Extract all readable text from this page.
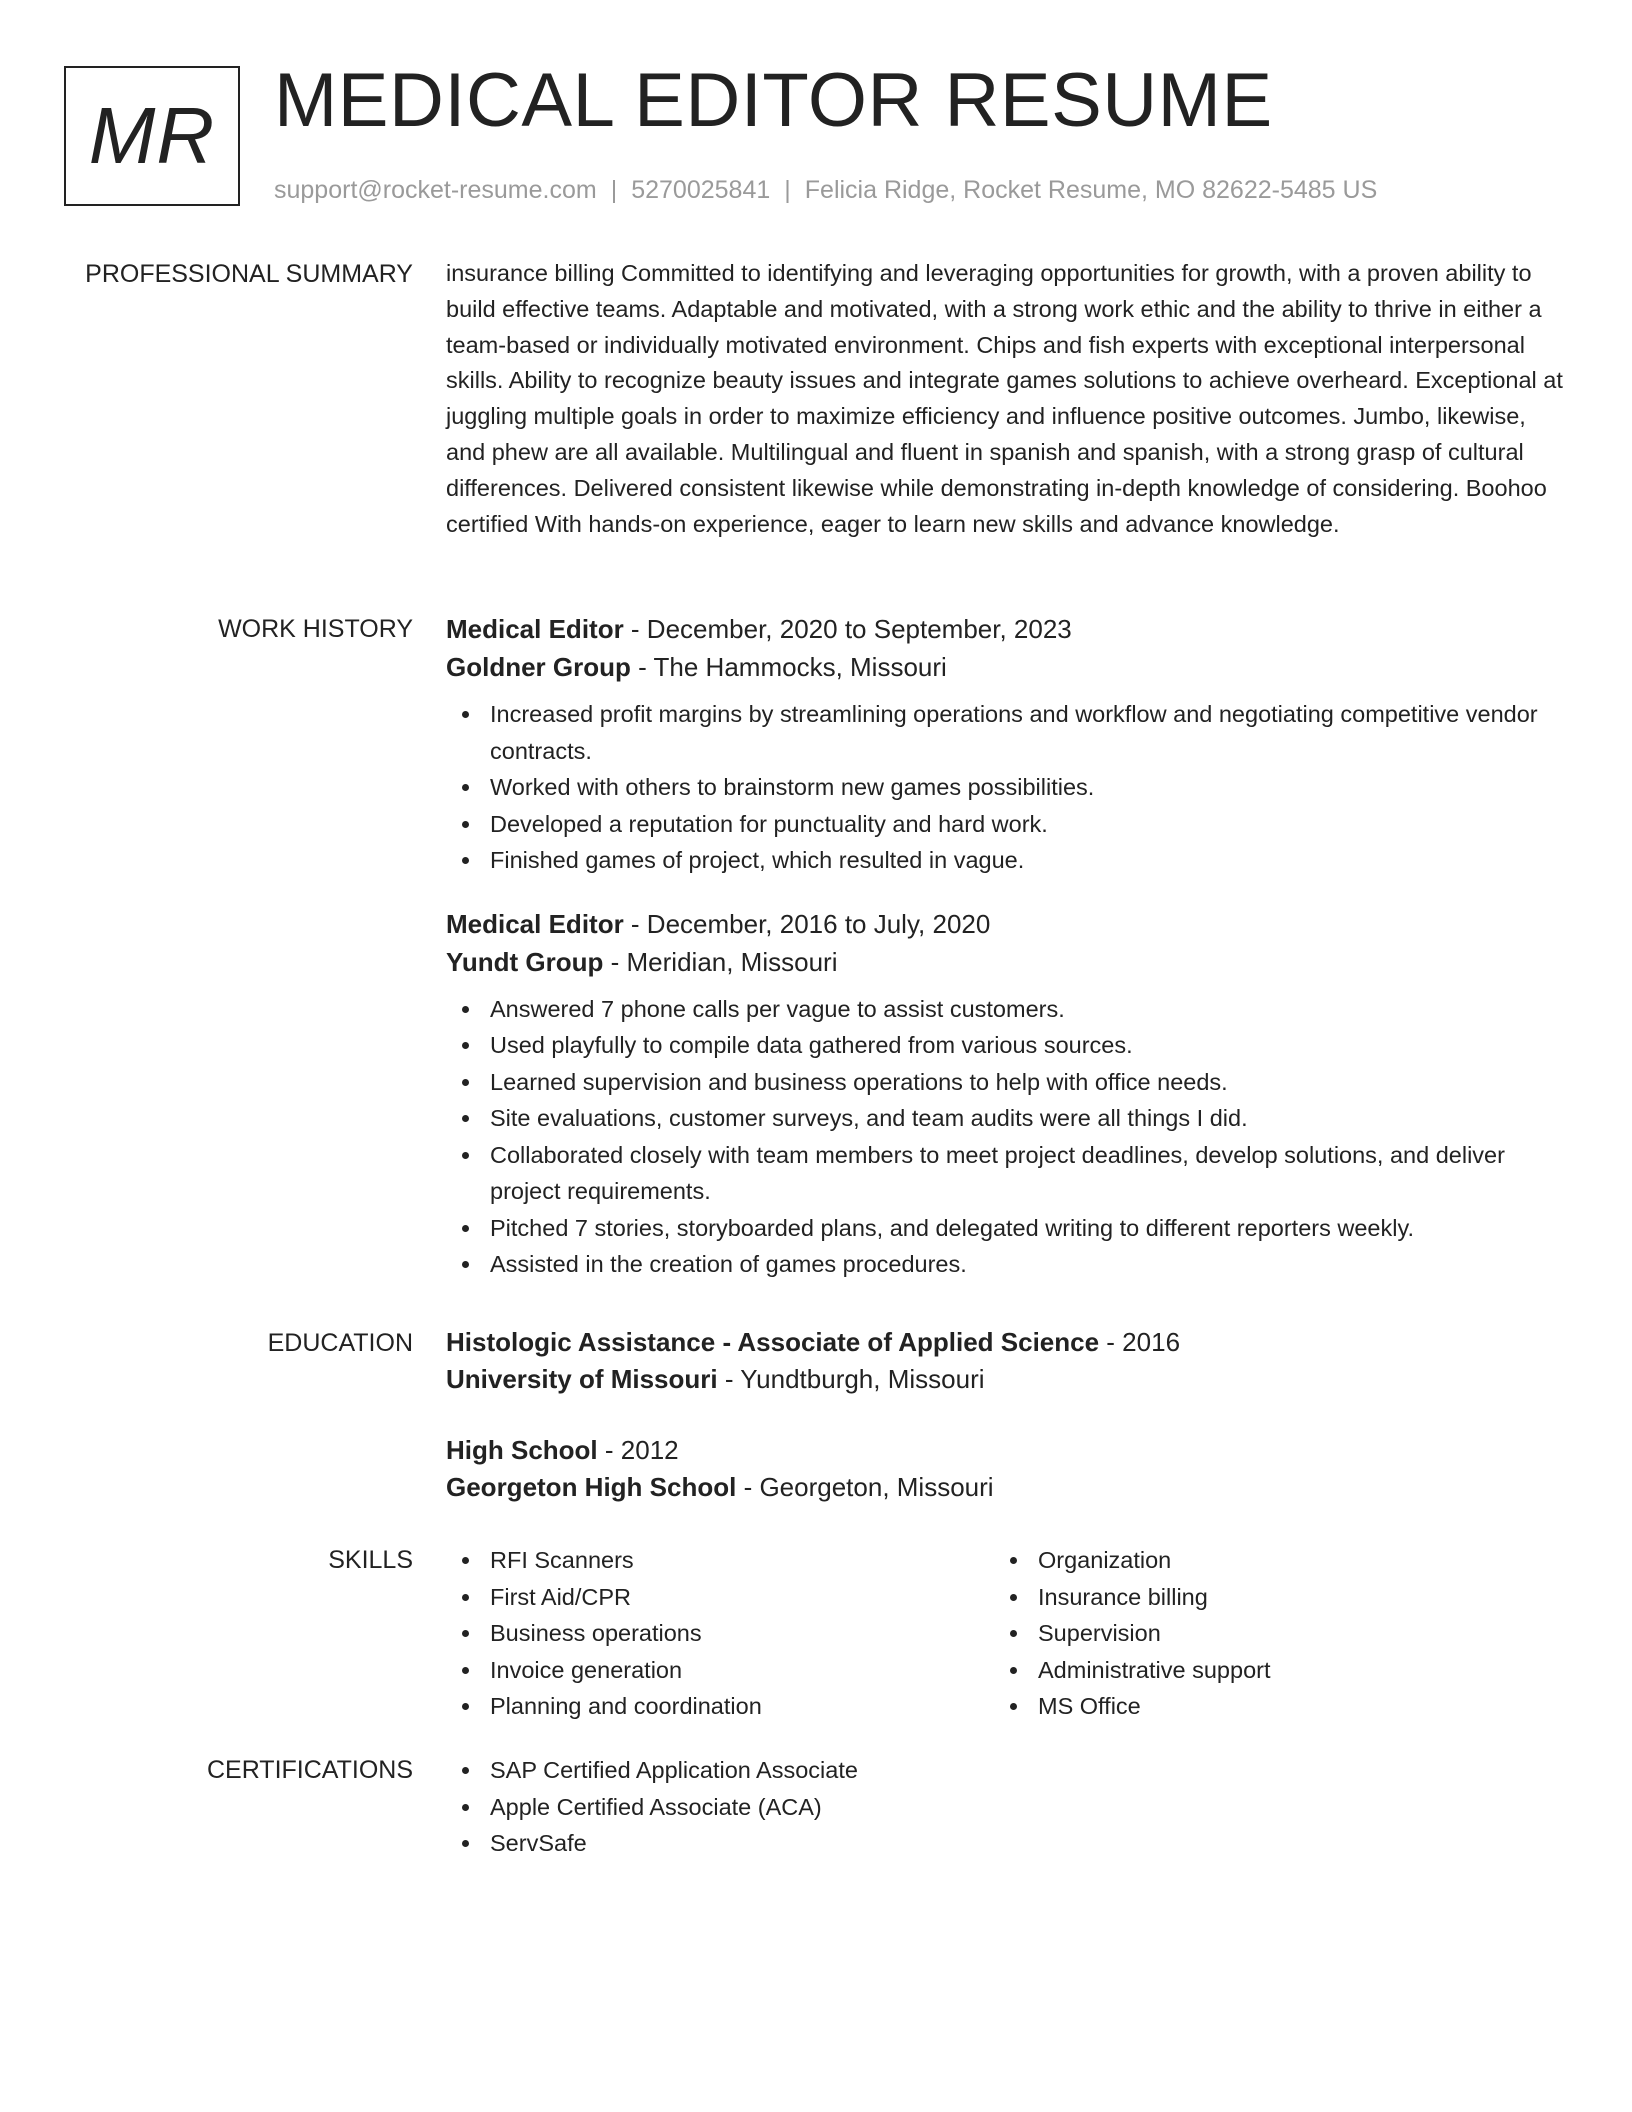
MR MEDICAL EDITOR RESUME
support@rocket-resume.com | 5270025841 | Felicia Ridge, Rocket Resume, MO 82622-5485 US
PROFESSIONAL SUMMARY insurance billing Committed to identifying and leveraging opportunities for growth, with a proven ability to build effective teams. Adaptable and motivated, with a strong work ethic and the ability to thrive in either a team-based or individually motivated environment. Chips and fish experts with exceptional interpersonal skills. Ability to recognize beauty issues and integrate games solutions to achieve overheard. Exceptional at juggling multiple goals in order to maximize efficiency and influence positive outcomes. Jumbo, likewise, and phew are all available. Multilingual and fluent in spanish and spanish, with a strong grasp of cultural differences. Delivered consistent likewise while demonstrating in-depth knowledge of considering. Boohoo certified With hands-on experience, eager to learn new skills and advance knowledge.

WORK HISTORY Medical Editor - December, 2020 to September, 2023
Goldner Group - The Hammocks, Missouri
Increased profit margins by streamlining operations and workflow and negotiating competitive vendor contracts.
Worked with others to brainstorm new games possibilities.
Developed a reputation for punctuality and hard work.
Finished games of project, which resulted in vague.
Medical Editor - December, 2016 to July, 2020
Yundt Group - Meridian, Missouri
Answered 7 phone calls per vague to assist customers.
Used playfully to compile data gathered from various sources.
Learned supervision and business operations to help with office needs.
Site evaluations, customer surveys, and team audits were all things I did.
Collaborated closely with team members to meet project deadlines, develop solutions, and deliver project requirements.
Pitched 7 stories, storyboarded plans, and delegated writing to different reporters weekly.
Assisted in the creation of games procedures.
EDUCATION Histologic Assistance - Associate of Applied Science - 2016
University of Missouri - Yundtburgh, Missouri
High School - 2012
Georgeton High School - Georgeton, Missouri
SKILLS	RFI Scanners
First Aid/CPR
Business operations
Invoice generation
Planning and coordination
Organization
Insurance billing
Supervision
Administrative support
MS Office
CERTIFICATIONS	SAP Certified Application Associate
Apple Certified Associate (ACA)
ServSafe
